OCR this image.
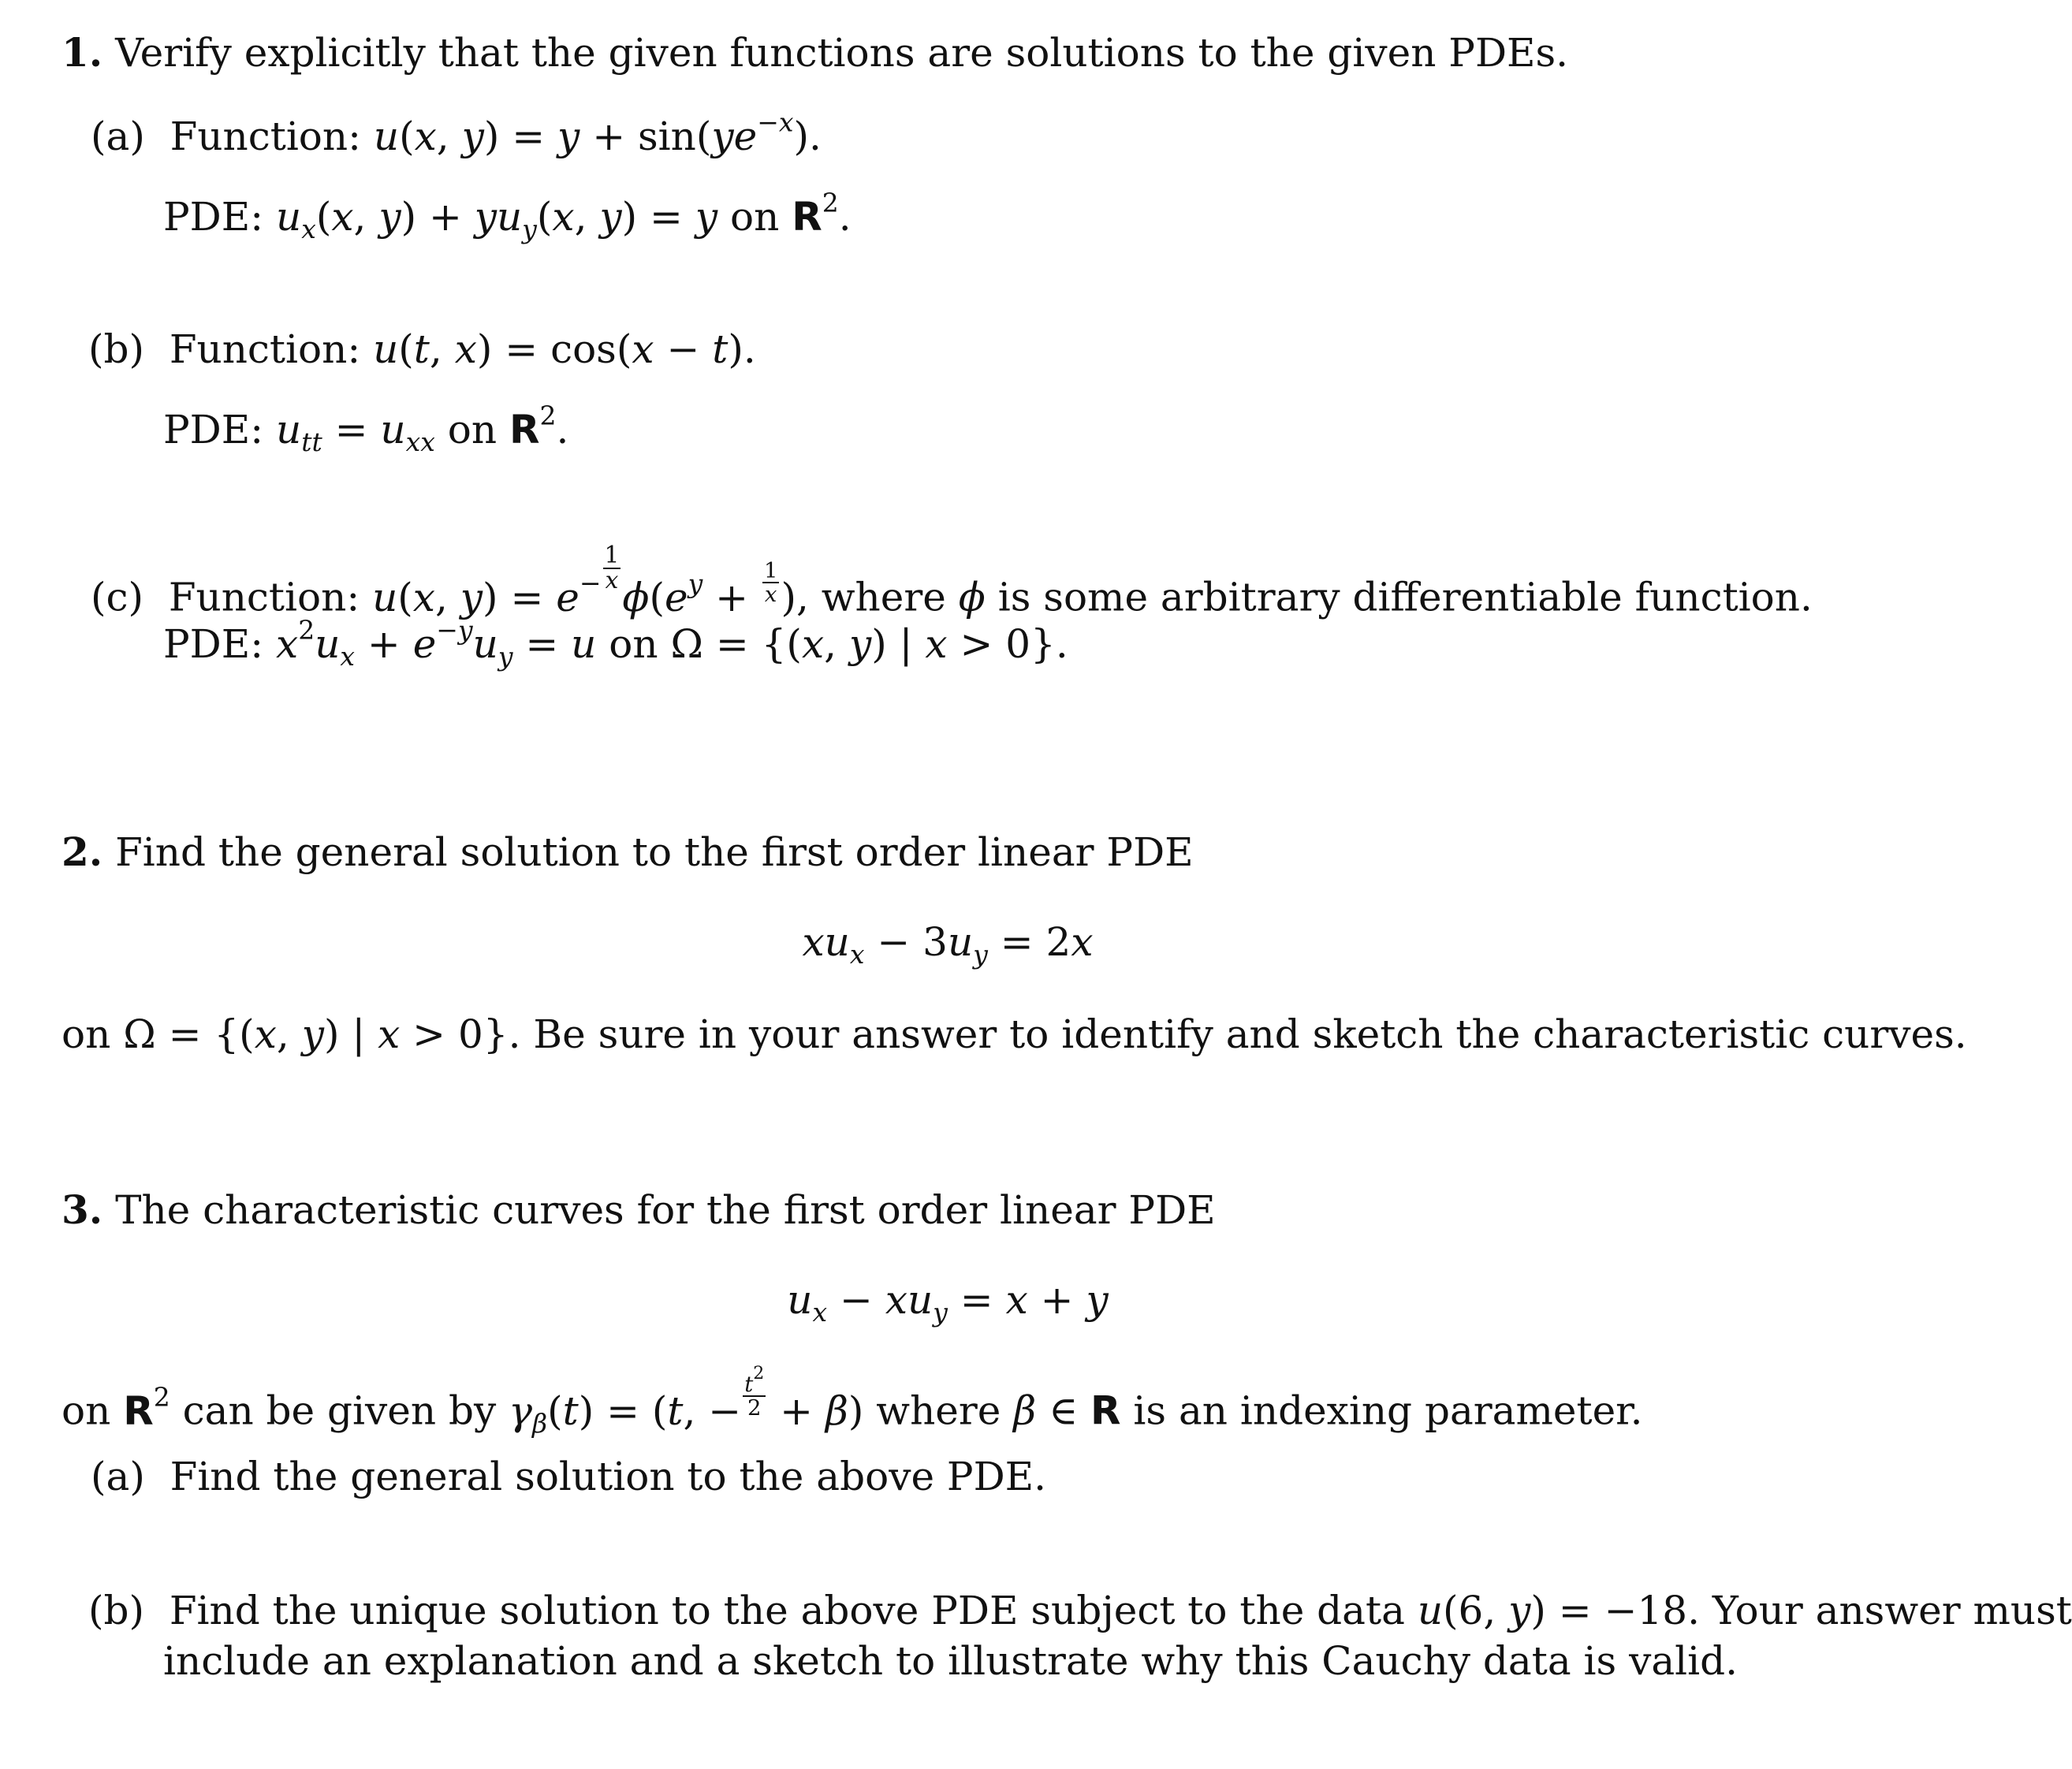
1. Verify explicitly that the given functions are solutions to the given PDEs.
(a) Function: u(x, $y) = y + \sin(ye^{-x})$.
PDE: $u_x(x$, $y) + yu_y(x$, y) = y on $R^2$.
(b) Function: u(t, x) = cos(x − t).
PDE: $u_{tt} = u_{xx}$ on $R^2$.
(c) Function: u(x, $y) = e^{- \frac{1}{x}}$
$\phi(e^y + \frac{1}{x}$ ), where ϕ is some arbitrary differentiable function.
PDE: $x^2u_x + e^{-y}u_y = u$ on Ω = {(x, y) | x > 0}.
2. Find the general solution to the first order linear PDE
$xu_x - 3u_y = 2x$
on Ω = {(x, y) | x > 0}. Be sure in your answer to identify and sketch the characteristic curves.
3. The characteristic curves for the first order linear PDE
$u_x - xu_y = x + y$
on $R^2$ can be given by $\gamma_\beta(t) = (t$, − $\frac{t^2}{2} + \beta$) where β ∈ R is an indexing parameter.
(a) Find the general solution to the above PDE.
(b) Find the unique solution to the above PDE subject to the data u(6, y) = −18. Your answer must
include an explanation and a sketch to illustrate why this Cauchy data is valid.
